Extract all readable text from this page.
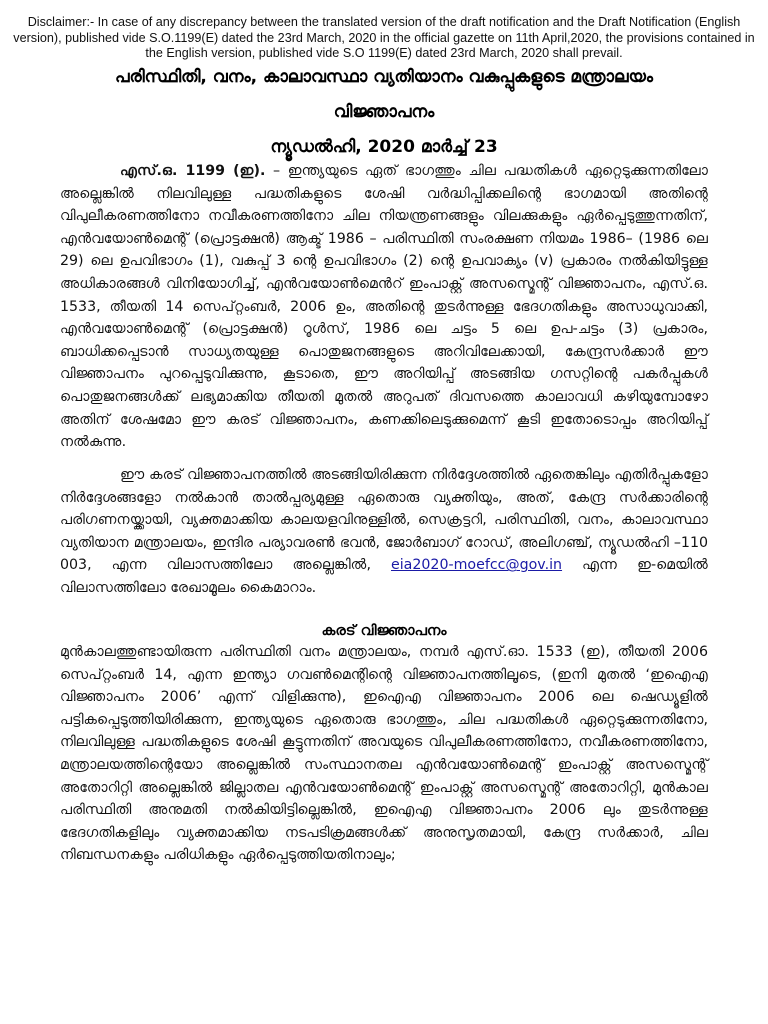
Disclaimer:- In case of any discrepancy between the translated version of the draft notification and the Draft Notification (English version), published vide S.O.1199(E) dated the 23rd March, 2020 in the official gazette on 11th April,2020, the provisions contained in the English version, published vide S.O 1199(E) dated 23rd March, 2020 shall prevail.
പരിസ്ഥിതി, വനം, കാലാവസ്ഥാ വ്യതിയാനം വകുപ്പുകളുടെ മന്ത്രാലയം
വിജ്ഞാപനം
ന്യൂഡൽഹി, 2020 മാർച്ച് 23

എസ്.ഒ. 1199 (ഇ). – ഇന്ത്യയുടെ ഏത് ഭാഗത്തും ചില പദ്ധതികൾ ഏറ്റെടുക്കുന്നതിലോ അല്ലെങ്കിൽ നിലവിലുള്ള പദ്ധതികളുടെ ശേഷി വർദ്ധിപ്പിക്കലിന്റെ ഭാഗമായി അതിന്റെ വിപുലീകരണത്തിനോ നവീകരണത്തിനോ ചില നിയന്ത്രണങ്ങളും വിലക്കുകളും ഏർപ്പെടുത്തുന്നതിന്, എൻവയോൺമെന്റ് (പ്രൊട്ടക്ഷൻ) ആക്ട് 1986 – പരിസ്ഥിതി സംരക്ഷണ നിയമം 1986– (1986 ലെ 29) ലെ ഉപവിഭാഗം (1), വകുപ്പ് 3 ന്റെ ഉപവിഭാഗം (2) ന്റെ ഉപവാക്യം (v) പ്രകാരം നൽകിയിട്ടുള്ള അധികാരങ്ങൾ വിനിയോഗിച്ച്, എൻവയോൺമെൻറ് ഇംപാക്റ്റ് അസസ്മെന്റ് വിജ്ഞാപനം, എസ്.ഒ. 1533, തീയതി 14 സെപ്റ്റംബർ, 2006 ഉം, അതിന്റെ തുടർന്നുള്ള ഭേദഗതികളും അസാധുവാക്കി, എൻവയോൺമെന്റ് (പ്രൊട്ടക്ഷൻ) റൂൾസ്, 1986 ലെ ചട്ടം 5 ലെ ഉപ-ചട്ടം (3) പ്രകാരം, ബാധിക്കപ്പെടാൻ സാധ്യതയുള്ള പൊതുജനങ്ങളുടെ അറിവിലേക്കായി, കേന്ദ്രസർക്കാർ ഈ വിജ്ഞാപനം പുറപ്പെടുവിക്കുന്നു, കൂടാതെ, ഈ അറിയിപ്പ് അടങ്ങിയ ഗസറ്റിന്റെ പകർപ്പുകൾ പൊതുജനങ്ങൾക്ക് ലഭ്യമാക്കിയ തീയതി മുതൽ അറുപത് ദിവസത്തെ കാലാവധി കഴിയുമ്പോഴോ അതിന് ശേഷമോ ഈ കരട് വിജ്ഞാപനം, കണക്കിലെടുക്കുമെന്ന് കൂടി ഇതോടൊപ്പം അറിയിപ്പ് നൽകുന്നു.

ഈ കരട് വിജ്ഞാപനത്തിൽ അടങ്ങിയിരിക്കുന്ന നിർദ്ദേശത്തിൽ ഏതെങ്കിലും എതിർപ്പുകളോ നിർദ്ദേശങ്ങളോ നൽകാൻ താൽപ്പര്യമുള്ള ഏതൊരു വ്യക്തിയും, അത്, കേന്ദ്ര സർക്കാരിന്റെ പരിഗണനയ്ക്കായി, വ്യക്തമാക്കിയ കാലയളവിനുള്ളിൽ, സെക്രട്ടറി, പരിസ്ഥിതി, വനം, കാലാവസ്ഥാ വ്യതിയാന മന്ത്രാലയം, ഇന്ദിര പര്യാവരൺ ഭവൻ, ജോർബാഗ് റോഡ്, അലിഗഞ്ച്, ന്യൂഡൽഹി –110 003, എന്ന വിലാസത്തിലോ അല്ലെങ്കിൽ, eia2020-moefcc@gov.in എന്ന ഇ-മെയിൽ വിലാസത്തിലോ രേഖാമൂലം കൈമാറാം.

കരട് വിജ്ഞാപനം

മുൻകാലത്തുണ്ടായിരുന്ന പരിസ്ഥിതി വനം മന്ത്രാലയം, നമ്പർ എസ്.ഓ. 1533 (ഇ), തീയതി 2006 സെപ്റ്റംബർ 14, എന്ന ഇന്ത്യാ ഗവൺമെന്റിന്റെ വിജ്ഞാപനത്തിലൂടെ, (ഇനി മുതൽ ‘ഇഐഎ വിജ്ഞാപനം 2006’ എന്ന് വിളിക്കുന്നു), ഇഐഎ വിജ്ഞാപനം 2006 ലെ ഷെഡ്യൂളിൽ പട്ടികപ്പെടുത്തിയിരിക്കുന്ന, ഇന്ത്യയുടെ ഏതൊരു ഭാഗത്തും, ചില പദ്ധതികൾ ഏറ്റെടുക്കുന്നതിനോ, നിലവിലുള്ള പദ്ധതികളുടെ ശേഷി കൂട്ടുന്നതിന് അവയുടെ വിപുലീകരണത്തിനോ, നവീകരണത്തിനോ, മന്ത്രാലയത്തിന്റെയോ അല്ലെങ്കിൽ സംസ്ഥാനതല എൻവയോൺമെന്റ് ഇംപാക്റ്റ് അസസ്മെന്റ് അതോറിറ്റി അല്ലെങ്കിൽ ജില്ലാതല എൻവയോൺമെന്റ് ഇംപാക്റ്റ് അസസ്മെന്റ് അതോറിറ്റി, മുൻകാല പരിസ്ഥിതി അനുമതി നൽകിയിട്ടില്ലെങ്കിൽ, ഇഐഎ വിജ്ഞാപനം 2006 ലും തുടർന്നുള്ള ഭേദഗതികളിലും വ്യക്തമാക്കിയ നടപടിക്രമങ്ങൾക്ക് അനുസൃതമായി, കേന്ദ്ര സർക്കാർ, ചില നിബന്ധനകളും പരിധികളും ഏർപ്പെടുത്തിയതിനാലും;
